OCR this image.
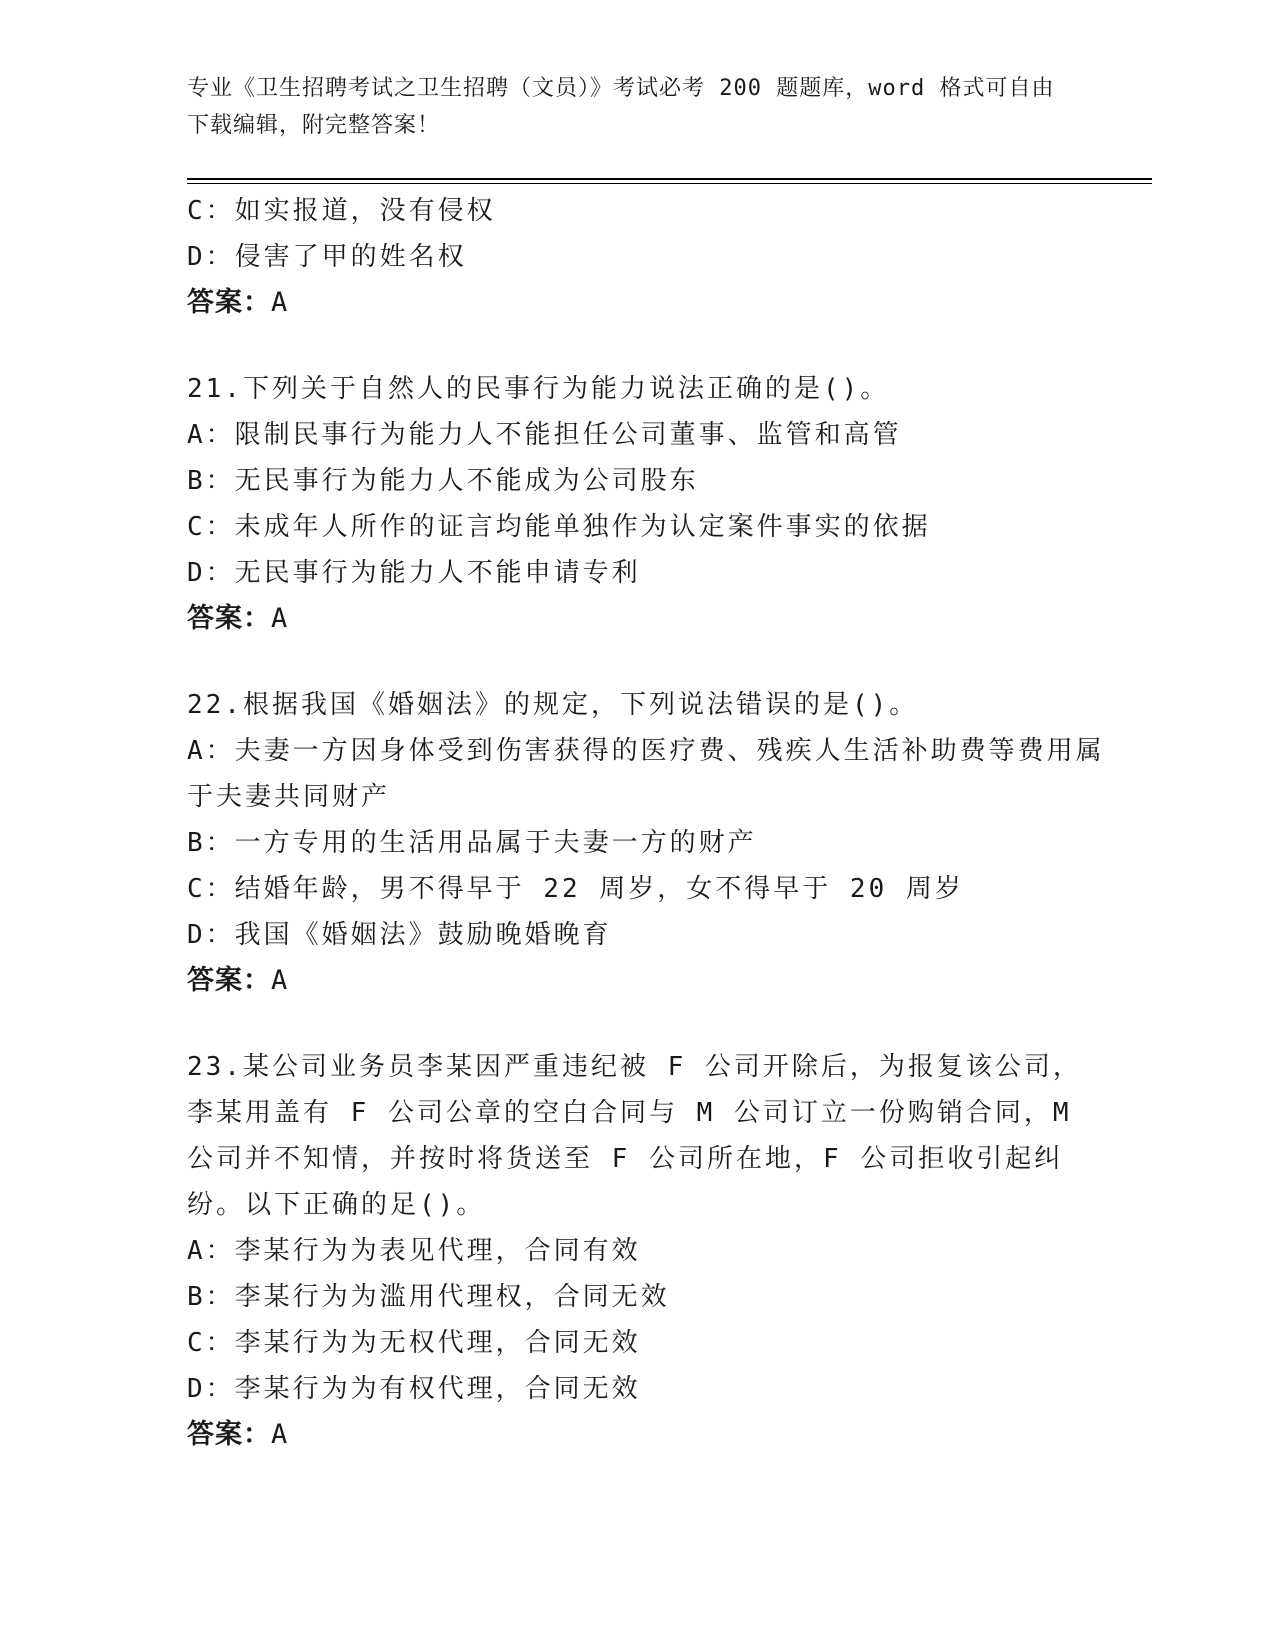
专业《卫生招聘考试之卫生招聘（文员）》考试必考 200 题题库，word 格式可自由下载编辑，附完整答案！
C：如实报道，没有侵权
D：侵害了甲的姓名权
答案：A
21.下列关于自然人的民事行为能力说法正确的是()。
A：限制民事行为能力人不能担任公司董事、监管和高管
B：无民事行为能力人不能成为公司股东
C：未成年人所作的证言均能单独作为认定案件事实的依据
D：无民事行为能力人不能申请专利
答案：A
22.根据我国《婚姻法》的规定，下列说法错误的是()。
A：夫妻一方因身体受到伤害获得的医疗费、残疾人生活补助费等费用属于夫妻共同财产
B：一方专用的生活用品属于夫妻一方的财产
C：结婚年龄，男不得早于 22 周岁，女不得早于 20 周岁
D：我国《婚姻法》鼓励晚婚晚育
答案：A
23.某公司业务员李某因严重违纪被 F 公司开除后，为报复该公司，李某用盖有 F 公司公章的空白合同与 M 公司订立一份购销合同，M 公司并不知情，并按时将货送至 F 公司所在地，F 公司拒收引起纠纷。以下正确的足()。
A：李某行为为表见代理，合同有效
B：李某行为为滥用代理权，合同无效
C：李某行为为无权代理，合同无效
D：李某行为为有权代理，合同无效
答案：A
